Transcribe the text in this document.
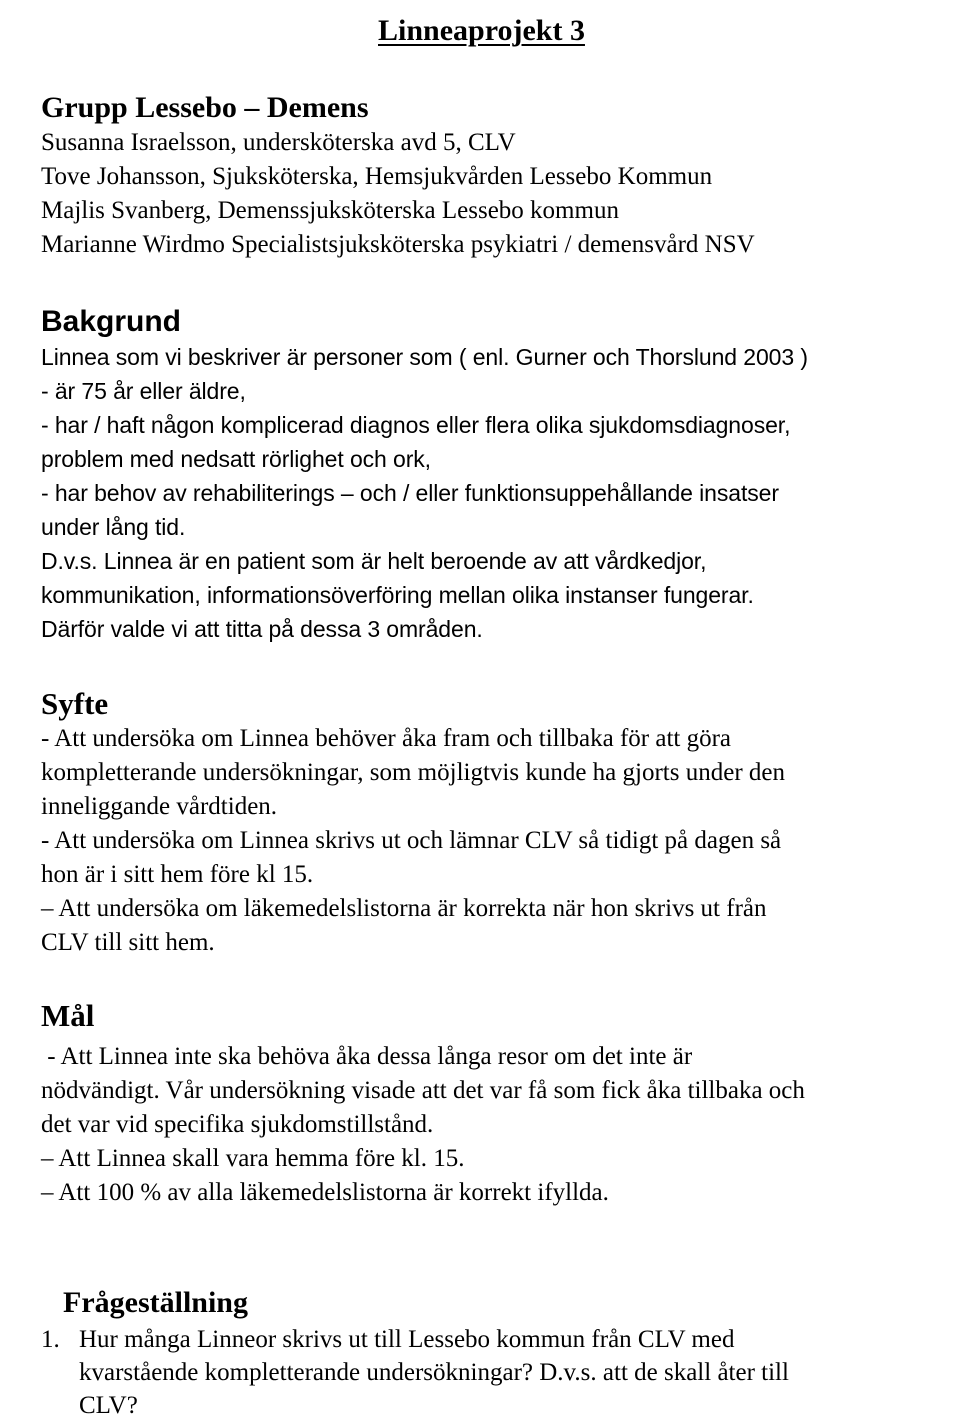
Linneaprojekt 3
Grupp Lessebo – Demens
Susanna Israelsson, undersköterska avd 5, CLV
Tove Johansson, Sjuksköterska, Hemsjukvården Lessebo Kommun
Majlis Svanberg, Demenssjuksköterska Lessebo kommun
Marianne Wirdmo Specialistsjuksköterska psykiatri / demensvård NSV
Bakgrund
Linnea som vi beskriver är personer som ( enl. Gurner och Thorslund 2003 )
- är 75 år eller äldre,
- har / haft någon komplicerad diagnos eller flera olika sjukdomsdiagnoser,
problem med nedsatt rörlighet och ork,
- har behov av rehabiliterings – och / eller funktionsuppehållande insatser
under lång tid.
D.v.s. Linnea är en patient som är helt beroende av att vårdkedjor,
kommunikation, informationsöverföring mellan olika instanser fungerar.
Därför valde vi att titta på dessa 3 områden.
Syfte
- Att undersöka om Linnea behöver åka fram och tillbaka för att göra
kompletterande undersökningar, som möjligtvis kunde ha gjorts under den
inneliggande vårdtiden.
- Att undersöka om Linnea skrivs ut och lämnar CLV så tidigt på dagen så
hon är i sitt hem före kl 15.
– Att undersöka om läkemedelslistorna är korrekta när hon skrivs ut från
CLV till sitt hem.
Mål
- Att Linnea inte ska behöva åka dessa långa resor om det inte är
nödvändigt. Vår undersökning visade att det var få som fick åka tillbaka och
det var vid specifika sjukdomstillstånd.
– Att Linnea skall vara hemma före kl. 15.
– Att 100 % av alla läkemedelslistorna är korrekt ifyllda.
Frågeställning
1. Hur många Linneor skrivs ut till Lessebo kommun från CLV med
kvarstående kompletterande undersökningar? D.v.s. att de skall åter till
CLV?
